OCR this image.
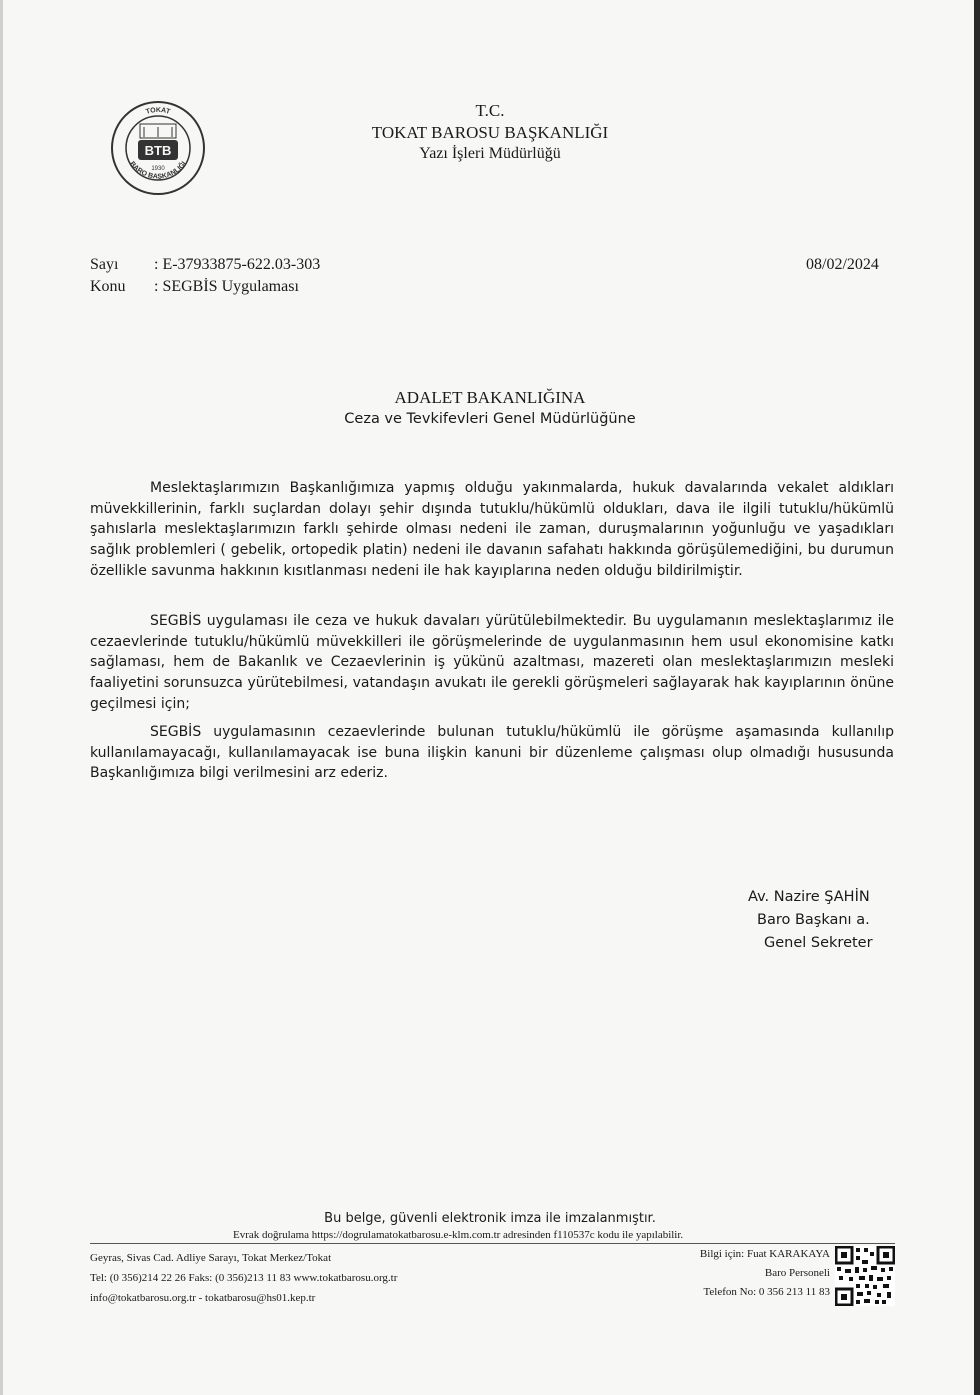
TOKAT
BARO BAŞKANLIĞI
BTB
1930
T.C.
TOKAT BAROSU BAŞKANLIĞI
Yazı İşleri Müdürlüğü
Sayı	: E-37933875-622.03-303
Konu	: SEGBİS Uygulaması
08/02/2024
ADALET BAKANLIĞINA
Ceza ve Tevkifevleri Genel Müdürlüğüne

Meslektaşlarımızın Başkanlığımıza yapmış olduğu yakınmalarda, hukuk davalarında vekalet aldıkları müvekkillerinin, farklı suçlardan dolayı şehir dışında tutuklu/hükümlü oldukları, dava ile ilgili tutuklu/hükümlü şahıslarla meslektaşlarımızın farklı şehirde olması nedeni ile zaman, duruşmalarının yoğunluğu ve yaşadıkları sağlık problemleri ( gebelik, ortopedik platin) nedeni ile davanın safahatı hakkında görüşülemediğini, bu durumun özellikle savunma hakkının kısıtlanması nedeni ile hak kayıplarına neden olduğu bildirilmiştir.

SEGBİS uygulaması ile ceza ve hukuk davaları yürütülebilmektedir. Bu uygulamanın meslektaşlarımız ile cezaevlerinde tutuklu/hükümlü müvekkilleri ile görüşmelerinde de uygulanmasının hem usul ekonomisine katkı sağlaması, hem de Bakanlık ve Cezaevlerinin iş yükünü azaltması, mazereti olan meslektaşlarımızın mesleki faaliyetini sorunsuzca yürütebilmesi, vatandaşın avukatı ile gerekli görüşmeleri sağlayarak hak kayıplarının önüne geçilmesi için;

SEGBİS uygulamasının cezaevlerinde bulunan tutuklu/hükümlü ile görüşme aşamasında kullanılıp kullanılamayacağı, kullanılamayacak ise buna ilişkin kanuni bir düzenleme çalışması olup olmadığı hususunda Başkanlığımıza bilgi verilmesini arz ederiz.

Av. Nazire ŞAHİN
Baro Başkanı a.
Genel Sekreter
Bu belge, güvenli elektronik imza ile imzalanmıştır.
Evrak doğrulama https://dogrulamatokatbarosu.e-klm.com.tr adresinden f110537c kodu ile yapılabilir.
Geyras, Sivas Cad. Adliye Sarayı, Tokat Merkez/Tokat
Tel: (0 356)214 22 26 Faks: (0 356)213 11 83 www.tokatbarosu.org.tr
info@tokatbarosu.org.tr - tokatbarosu@hs01.kep.tr
Bilgi için: Fuat KARAKAYA
Baro Personeli
Telefon No: 0 356 213 11 83
